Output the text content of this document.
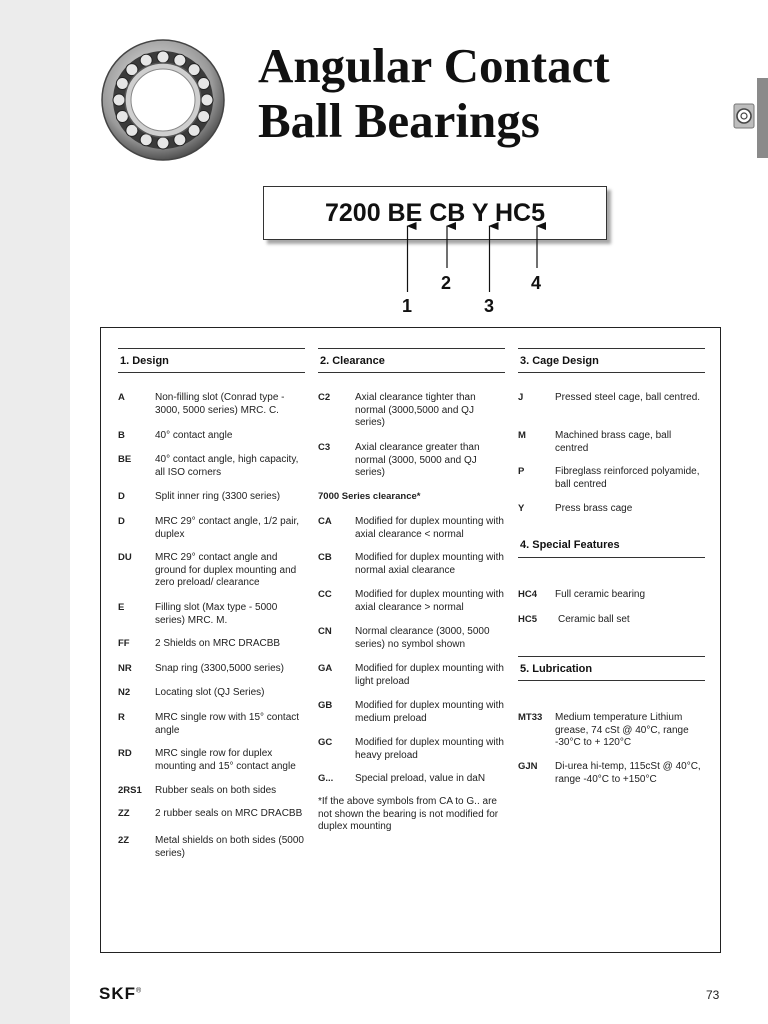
Angular Contact
Ball Bearings
7200 BE CB Y HC5
1
2
3
4
1. Design
A	Non-filling slot (Conrad type - 3000, 5000 series) MRC. C.
B	40° contact angle
BE 40° contact angle, high capacity, all ISO corners
D	Split inner ring (3300 series)
D	MRC 29° contact angle, 1/2 pair, duplex
DU MRC 29° contact angle and ground for duplex mounting and zero preload/ clearance
E	Filling slot (Max type - 5000 series) MRC. M.
FF	2 Shields on MRC DRACBB
NR Snap ring (3300,5000 series)
N2 Locating slot (QJ Series)
R	MRC single row with 15° contact angle
RD MRC single row for duplex mounting and 15° contact angle
2RS1 Rubber seals on both sides
ZZ	2 rubber seals on MRC DRACBB
2Z	Metal shields on both sides (5000 series)
2. Clearance
C2 Axial clearance tighter than normal (3000,5000 and QJ series)
C3 Axial clearance greater than normal (3000, 5000 and QJ series)
7000 Series clearance*
CA Modified for duplex mounting with axial clearance < normal
CB Modified for duplex mounting with normal axial clearance
CC Modified for duplex mounting with axial clearance > normal
CN Normal clearance (3000, 5000 series) no symbol shown
GA Modified for duplex mounting with light preload
GB Modified for duplex mounting with medium preload
GC Modified for duplex mounting with heavy preload
G... Special preload, value in daN
*If the above symbols from CA to G.. are not shown the bearing is not modified for duplex mounting
3. Cage Design
J	Pressed steel cage, ball centred.
M	Machined brass cage, ball centred
P	Fibreglass reinforced polyamide, ball centred
Y	Press brass cage
4. Special Features
HC4 Full ceramic bearing
HC5 Ceramic ball set
5. Lubrication
MT33 Medium temperature Lithium grease, 74 cSt @ 40°C, range -30°C to + 120°C
GJN Di-urea hi-temp, 115cSt @ 40°C, range -40°C to +150°C
SKF®	73
